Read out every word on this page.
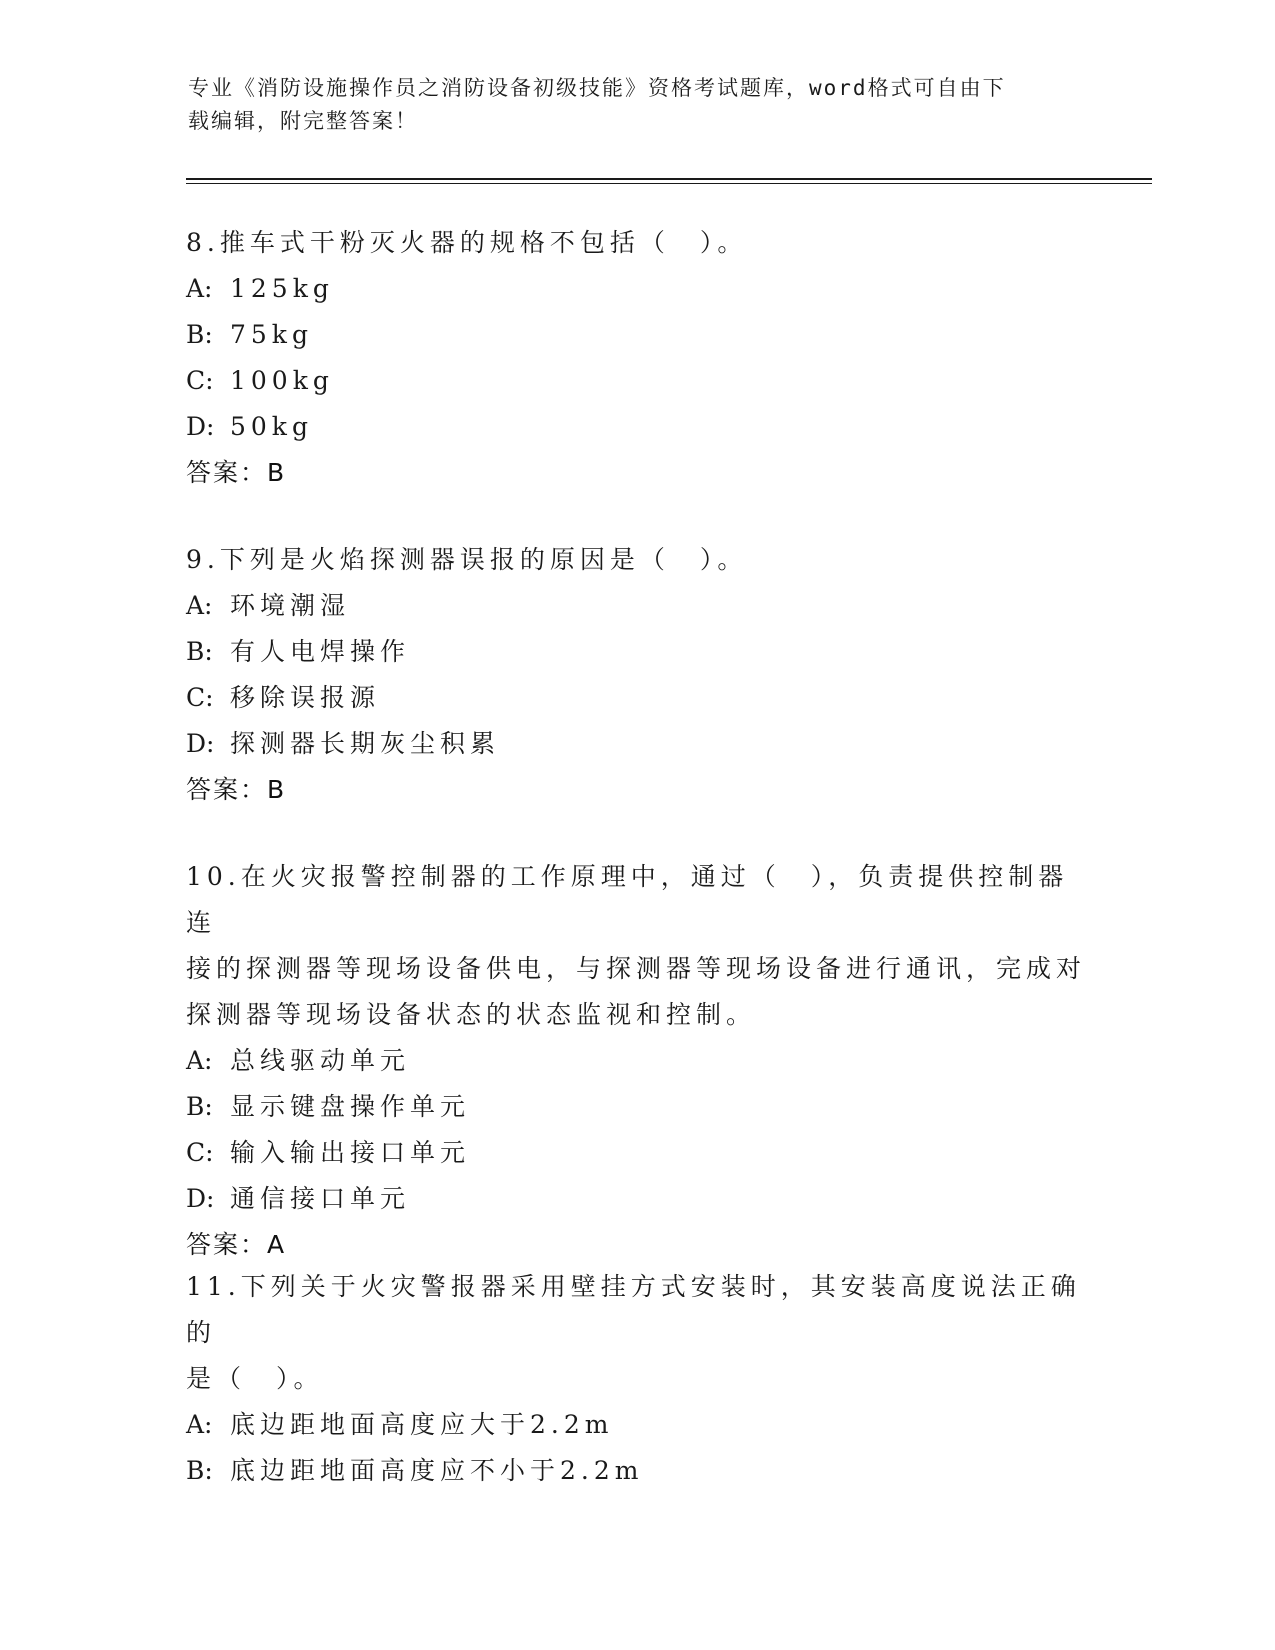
专业《消防设施操作员之消防设备初级技能》资格考试题库，word格式可自由下
载编辑，附完整答案！

8.推车式干粉灭火器的规格不包括（　）。

A: 125kg

B: 75kg

C: 100kg

D: 50kg

答案：B

9.下列是火焰探测器误报的原因是（　）。

A: 环境潮湿

B: 有人电焊操作

C: 移除误报源

D: 探测器长期灰尘积累

答案：B

10.在火灾报警控制器的工作原理中，通过（　），负责提供控制器连

接的探测器等现场设备供电，与探测器等现场设备进行通讯，完成对

探测器等现场设备状态的状态监视和控制。

A: 总线驱动单元

B: 显示键盘操作单元

C: 输入输出接口单元

D: 通信接口单元

答案：A

11.下列关于火灾警报器采用壁挂方式安装时，其安装高度说法正确的

是（　）。

A: 底边距地面高度应大于2.2m

B: 底边距地面高度应不小于2.2m
